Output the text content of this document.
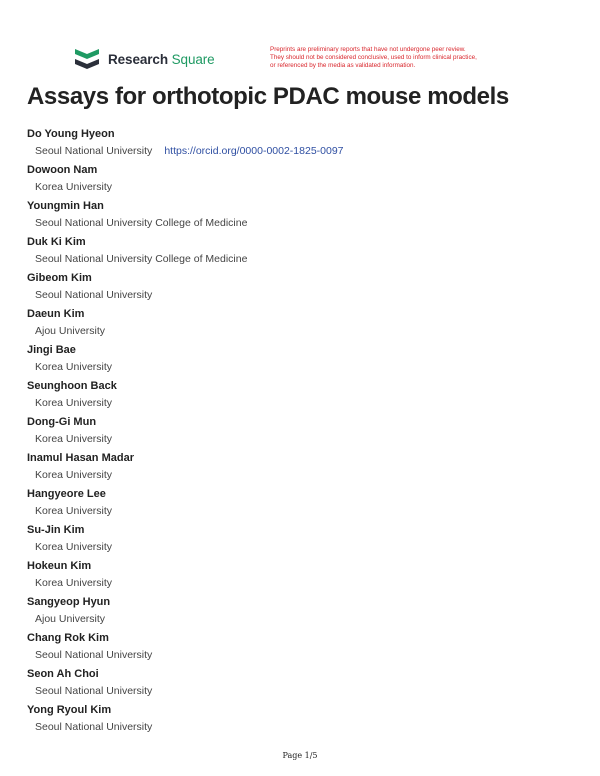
Research Square
Preprints are preliminary reports that have not undergone peer review.
They should not be considered conclusive, used to inform clinical practice,
or referenced by the media as validated information.
Assays for orthotopic PDAC mouse models
Do Young Hyeon
Seoul National University https://orcid.org/0000-0002-1825-0097
Dowoon Nam
Korea University
Youngmin Han
Seoul National University College of Medicine
Duk Ki Kim
Seoul National University College of Medicine
Gibeom Kim
Seoul National University
Daeun Kim
Ajou University
Jingi Bae
Korea University
Seunghoon Back
Korea University
Dong-Gi Mun
Korea University
Inamul Hasan Madar
Korea University
Hangyeore Lee
Korea University
Su-Jin Kim
Korea University
Hokeun Kim
Korea University
Sangyeop Hyun
Ajou University
Chang Rok Kim
Seoul National University
Seon Ah Choi
Seoul National University
Yong Ryoul Kim
Seoul National University
Page 1/5
